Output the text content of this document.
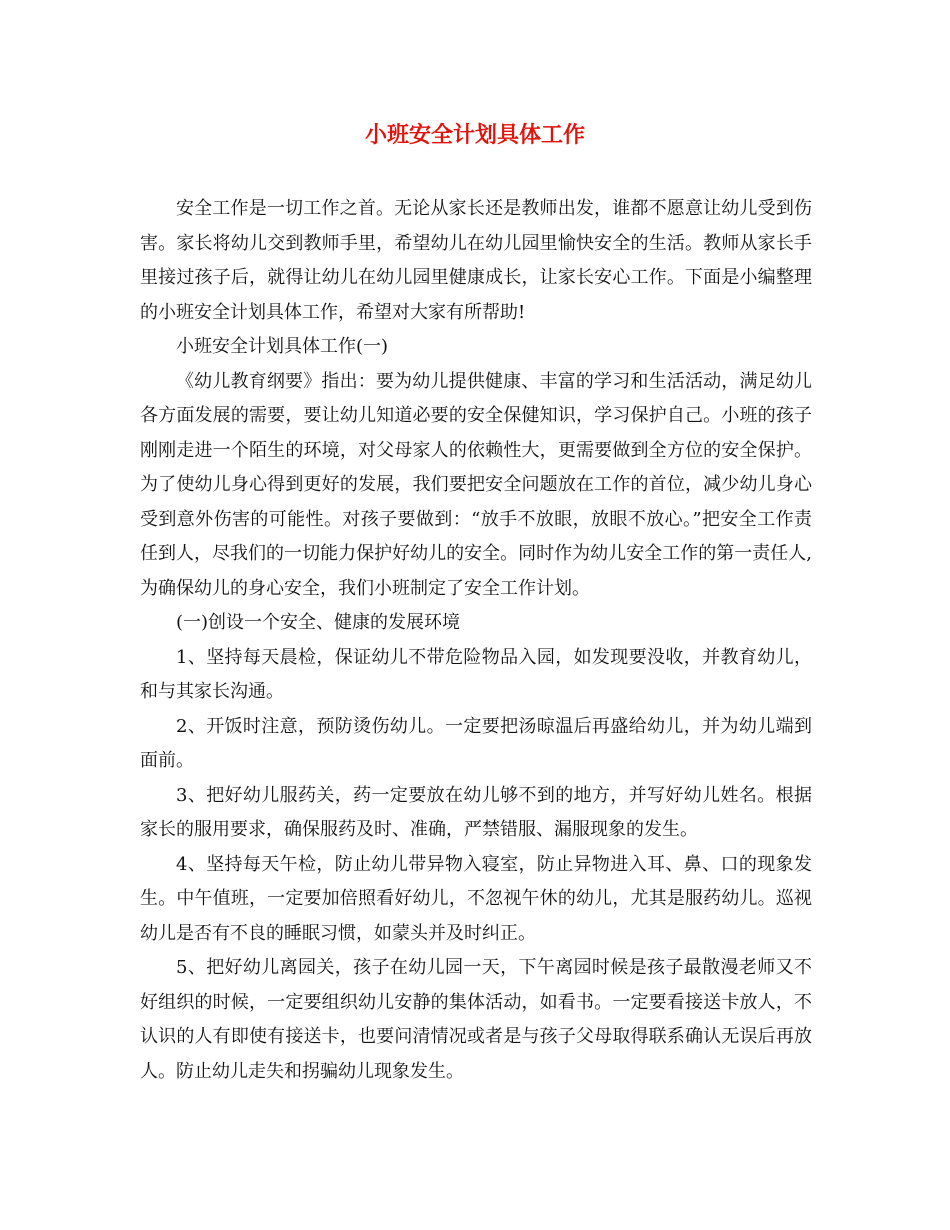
小班安全计划具体工作

安全工作是一切工作之首。无论从家长还是教师出发，谁都不愿意让幼儿受到伤害。家长将幼儿交到教师手里，希望幼儿在幼儿园里愉快安全的生活。教师从家长手里接过孩子后，就得让幼儿在幼儿园里健康成长，让家长安心工作。下面是小编整理的小班安全计划具体工作，希望对大家有所帮助!

小班安全计划具体工作(一)

《幼儿教育纲要》指出：要为幼儿提供健康、丰富的学习和生活活动，满足幼儿各方面发展的需要，要让幼儿知道必要的安全保健知识，学习保护自己。小班的孩子刚刚走进一个陌生的环境，对父母家人的依赖性大，更需要做到全方位的安全保护。为了使幼儿身心得到更好的发展，我们要把安全问题放在工作的首位，减少幼儿身心受到意外伤害的可能性。对孩子要做到：“放手不放眼，放眼不放心。”把安全工作责任到人，尽我们的一切能力保护好幼儿的安全。同时作为幼儿安全工作的第一责任人,为确保幼儿的身心安全，我们小班制定了安全工作计划。

(一)创设一个安全、健康的发展环境

1、坚持每天晨检，保证幼儿不带危险物品入园，如发现要没收，并教育幼儿，和与其家长沟通。

2、开饭时注意，预防烫伤幼儿。一定要把汤晾温后再盛给幼儿，并为幼儿端到面前。

3、把好幼儿服药关，药一定要放在幼儿够不到的地方，并写好幼儿姓名。根据家长的服用要求，确保服药及时、准确，严禁错服、漏服现象的发生。

4、坚持每天午检，防止幼儿带异物入寝室，防止异物进入耳、鼻、口的现象发生。中午值班，一定要加倍照看好幼儿，不忽视午休的幼儿，尤其是服药幼儿。巡视幼儿是否有不良的睡眠习惯，如蒙头并及时纠正。

5、把好幼儿离园关，孩子在幼儿园一天，下午离园时候是孩子最散漫老师又不好组织的时候，一定要组织幼儿安静的集体活动，如看书。一定要看接送卡放人，不认识的人有即使有接送卡，也要问清情况或者是与孩子父母取得联系确认无误后再放人。防止幼儿走失和拐骗幼儿现象发生。
